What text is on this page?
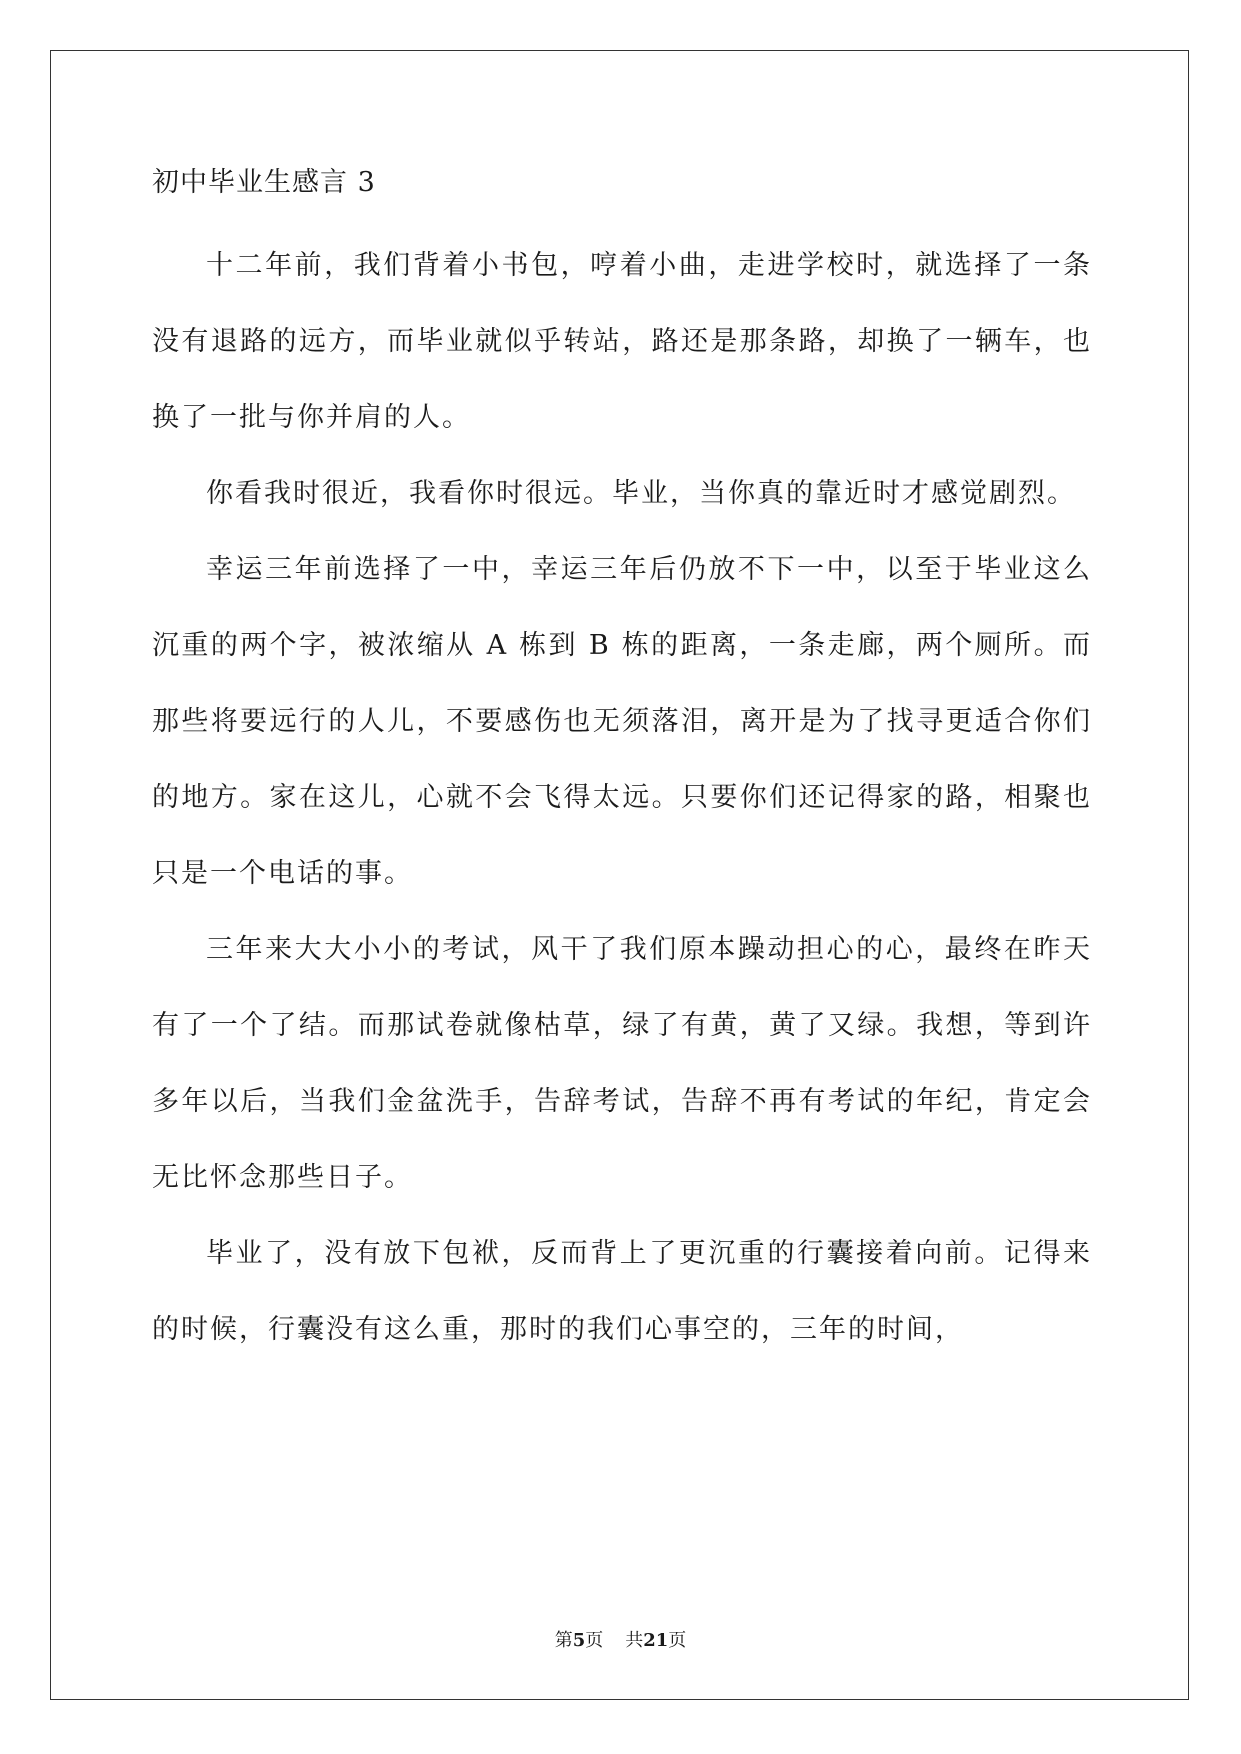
初中毕业生感言 3

十二年前，我们背着小书包，哼着小曲，走进学校时，就选择了一条没有退路的远方，而毕业就似乎转站，路还是那条路，却换了一辆车，也换了一批与你并肩的人。

你看我时很近，我看你时很远。毕业，当你真的靠近时才感觉剧烈。

幸运三年前选择了一中，幸运三年后仍放不下一中，以至于毕业这么沉重的两个字，被浓缩从 A 栋到 B 栋的距离，一条走廊，两个厕所。而那些将要远行的人儿，不要感伤也无须落泪，离开是为了找寻更适合你们的地方。家在这儿，心就不会飞得太远。只要你们还记得家的路，相聚也只是一个电话的事。

三年来大大小小的考试，风干了我们原本躁动担心的心，最终在昨天有了一个了结。而那试卷就像枯草，绿了有黄，黄了又绿。我想，等到许多年以后，当我们金盆洗手，告辞考试，告辞不再有考试的年纪，肯定会无比怀念那些日子。

毕业了，没有放下包袱，反而背上了更沉重的行囊接着向前。记得来的时候，行囊没有这么重，那时的我们心事空的，三年的时间，

第5页 共21页
